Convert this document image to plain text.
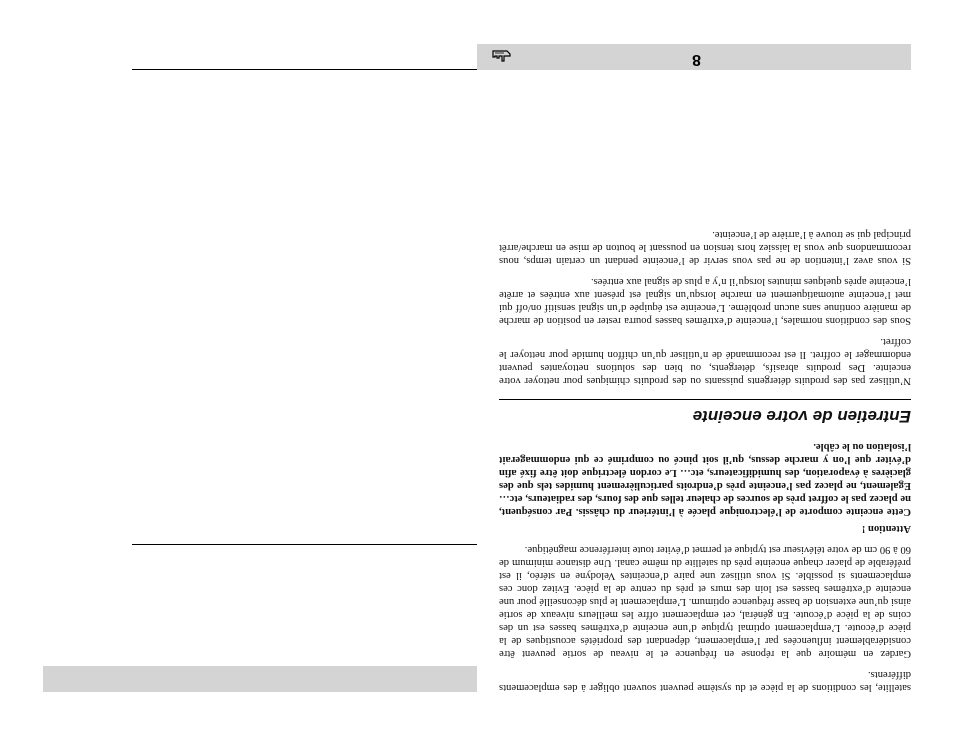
satellite, les conditions de la pièce et du système peuvent souvent obliger à des emplacements différents.

Gardez en mémoire que la réponse en fréquence et le niveau de sortie peuvent être considérablement influencées par l’emplacement, dépendant des propriétés acoustiques de la pièce d’écoute. L’emplacement optimal typique d’une enceinte d’extrêmes basses est un des coins de la pièce d’écoute. En général, cet emplacement offre les meilleurs niveaux de sortie ainsi qu’une extension de basse fréquence optimum. L’emplacement le plus déconseillé pour une enceinte d’extrêmes basses est loin des murs et près du centre de la pièce. Evitez donc ces emplacements si possible. Si vous utilisez une paire d’enceintes Velodyne en stéréo, il est préférable de placer chaque enceinte près du satellite du même canal. Une distance minimum de 60 à 90 cm de votre téléviseur est typique et permet d’éviter toute interférence magnétique.

Attention !

Cette enceinte comporte de l’électronique placée à l’intérieur du châssis. Par conséquent, ne placez pas le coffret près de sources de chaleur telles que des fours, des radiateurs, etc… Egalement, ne placez pas l’enceinte près d’endroits particulièrement humides tels que des glacières à évaporation, des humidificateurs, etc… Le cordon électrique doit être fixé afin d’éviter que l’on y marche dessus, qu’il soit pincé ou comprimé ce qui endommagerait l’isolation ou le câble.

Entretien de votre enceinte

N’utilisez pas des produits détergents puissants ou des produits chimiques pour nettoyer votre enceinte. Des produits abrasifs, détergents, ou bien des solutions nettoyantes peuvent endommager le coffret. Il est recommandé de n’utiliser qu’un chiffon humide pour nettoyer le coffret.

Sous des conditions normales, l’enceinte d’extrêmes basses pourra rester en position de marche de manière continue sans aucun problème. L’enceinte est équipée d’un signal sensitif on/off qui met l’enceinte automatiquement en marche lorsqu’un signal est présent aux entrées et arrête l’enceinte après quelques minutes lorsqu’il n’y a plus de signal aux entrées.

Si vous avez l’intention de ne pas vous servir de l’enceinte pendant un certain temps, nous recommandons que vous la laissiez hors tension en poussant le bouton de mise en marche/arrêt principal qui se trouve à l’arrière de l’enceinte.

8
